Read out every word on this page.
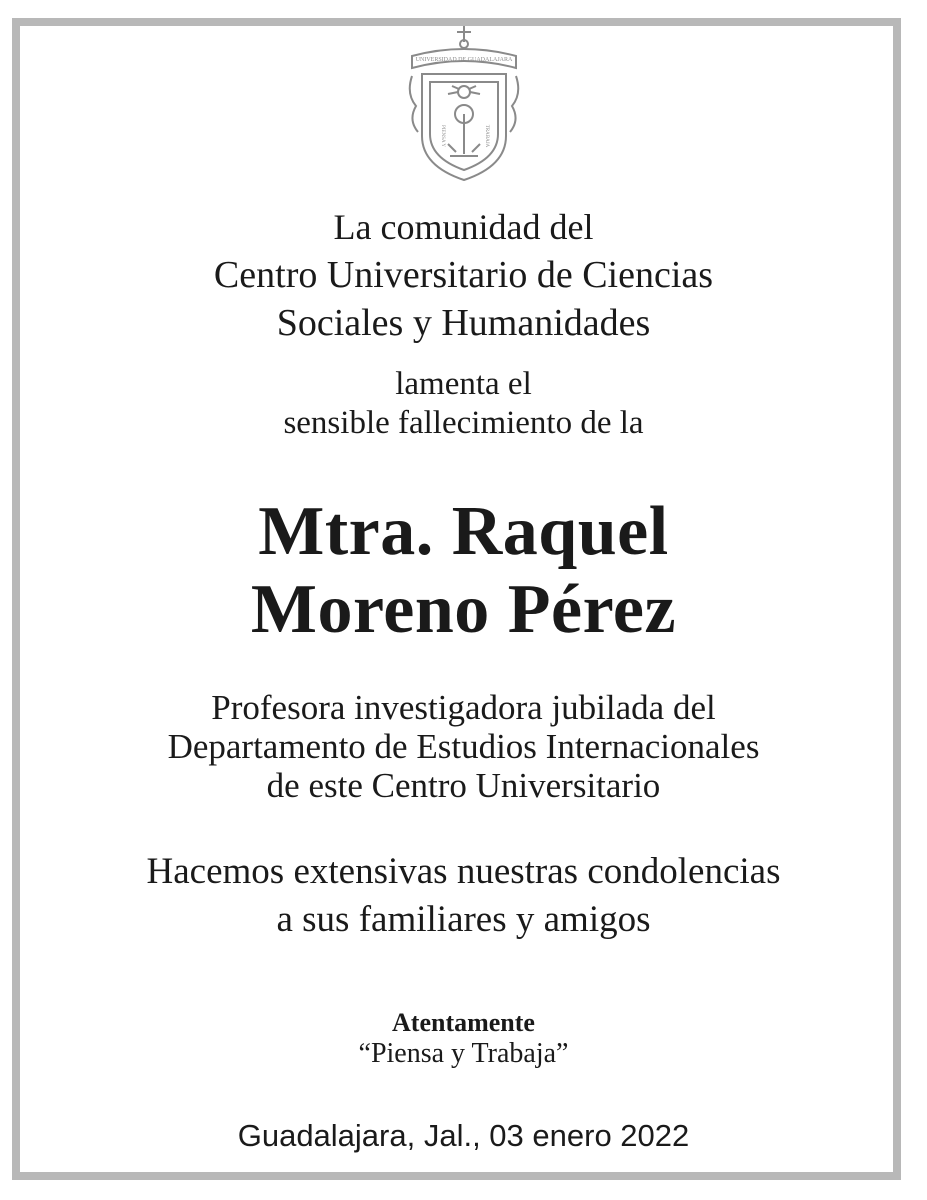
UNIVERSIDAD DE GUADALAJARA
PIENSA Y	TRABAJA
La comunidad del
Centro Universitario de Ciencias
Sociales y Humanidades
lamenta el
sensible fallecimiento de la
Mtra. Raquel
Moreno Pérez
Profesora investigadora jubilada del
Departamento de Estudios Internacionales
de este Centro Universitario
Hacemos extensivas nuestras condolencias
a sus familiares y amigos
Atentamente
“Piensa y Trabaja”
Guadalajara, Jal., 03 enero 2022
